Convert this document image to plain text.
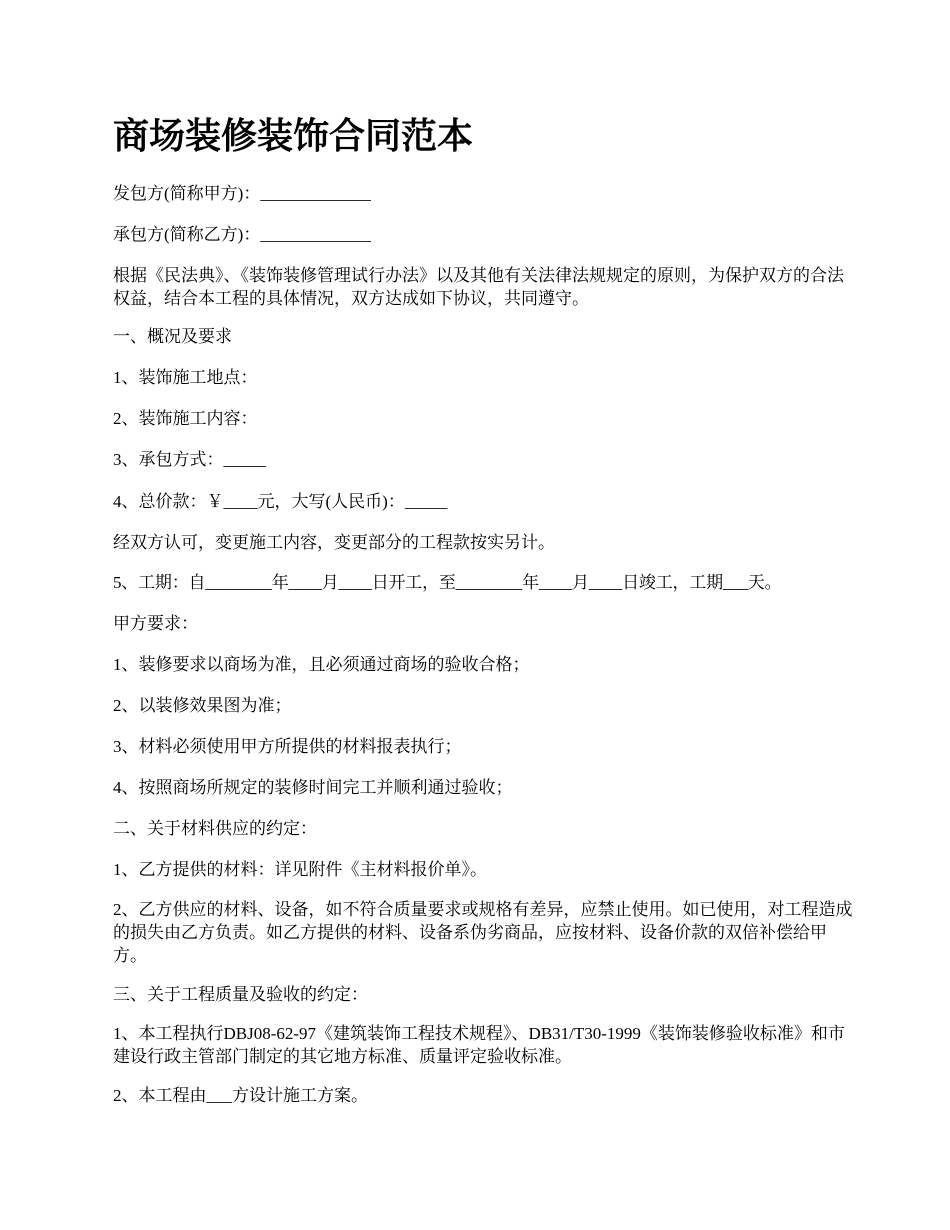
商场装修装饰合同范本

发包方(简称甲方)：_____________

承包方(简称乙方)：_____________

根据《民法典》、《装饰装修管理试行办法》以及其他有关法律法规规定的原则，为保护双方的合法权益，结合本工程的具体情况，双方达成如下协议，共同遵守。

一、概况及要求

1、装饰施工地点：

2、装饰施工内容：

3、承包方式：_____

4、总价款：￥____元，大写(人民币)：_____

经双方认可，变更施工内容，变更部分的工程款按实另计。

5、工期：自________年____月____日开工，至________年____月____日竣工，工期___天。

甲方要求：

1、装修要求以商场为准，且必须通过商场的验收合格；

2、以装修效果图为准；

3、材料必须使用甲方所提供的材料报表执行；

4、按照商场所规定的装修时间完工并顺利通过验收；

二、关于材料供应的约定：

1、乙方提供的材料：详见附件《主材料报价单》。

2、乙方供应的材料、设备，如不符合质量要求或规格有差异，应禁止使用。如已使用，对工程造成的损失由乙方负责。如乙方提供的材料、设备系伪劣商品，应按材料、设备价款的双倍补偿给甲方。

三、关于工程质量及验收的约定：

1、本工程执行DBJ08-62-97《建筑装饰工程技术规程》、DB31/T30-1999《装饰装修验收标准》和市建设行政主管部门制定的其它地方标准、质量评定验收标准。

2、本工程由___方设计施工方案。
